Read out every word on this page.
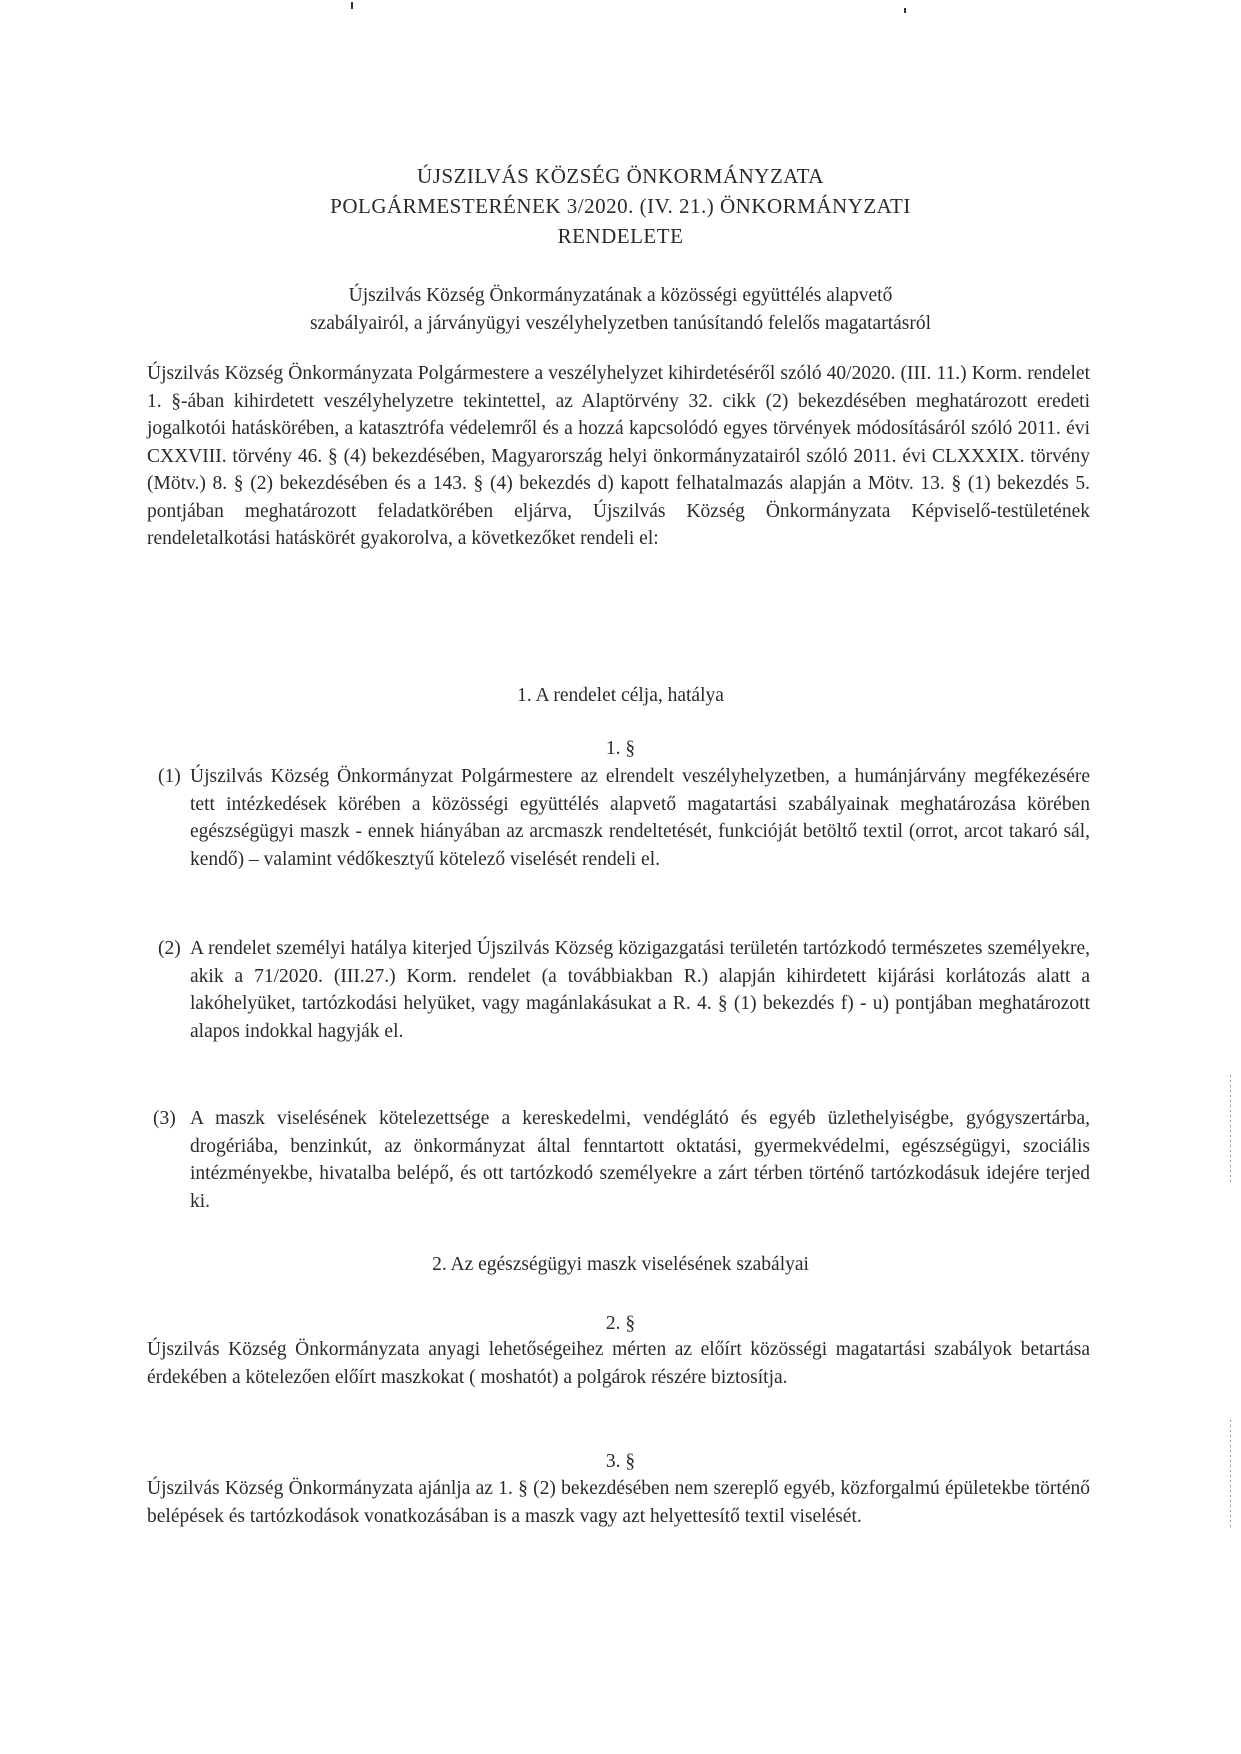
ÚJSZILVÁS KÖZSÉG ÖNKORMÁNYZATA
POLGÁRMESTERÉNEK 3/2020. (IV. 21.) ÖNKORMÁNYZATI
RENDELETE
Újszilvás Község Önkormányzatának a közösségi együttélés alapvető
szabályairól, a járványügyi veszélyhelyzetben tanúsítandó felelős magatartásról
Újszilvás Község Önkormányzata Polgármestere a veszélyhelyzet kihirdetéséről szóló 40/2020. (III. 11.) Korm. rendelet 1. §-ában kihirdetett veszélyhelyzetre tekintettel, az Alaptörvény 32. cikk (2) bekezdésében meghatározott eredeti jogalkotói hatáskörében, a katasztrófa védelemről és a hozzá kapcsolódó egyes törvények módosításáról szóló 2011. évi CXXVIII. törvény 46. § (4) bekezdésében, Magyarország helyi önkormányzatairól szóló 2011. évi CLXXXIX. törvény (Mötv.) 8. § (2) bekezdésében és a 143. § (4) bekezdés d) kapott felhatalmazás alapján a Mötv. 13. § (1) bekezdés 5. pontjában meghatározott feladatkörében eljárva, Újszilvás Község Önkormányzata Képviselő-testületének rendeletalkotási hatáskörét gyakorolva, a következőket rendeli el:
1. A rendelet célja, hatálya
1. §
(1) Újszilvás Község Önkormányzat Polgármestere az elrendelt veszélyhelyzetben, a humánjárvány megfékezésére tett intézkedések körében a közösségi együttélés alapvető magatartási szabályainak meghatározása körében egészségügyi maszk - ennek hiányában az arcmaszk rendeltetését, funkcióját betöltő textil (orrot, arcot takaró sál, kendő) – valamint védőkesztyű kötelező viselését rendeli el.
(2) A rendelet személyi hatálya kiterjed Újszilvás Község közigazgatási területén tartózkodó természetes személyekre, akik a 71/2020. (III.27.) Korm. rendelet (a továbbiakban R.) alapján kihirdetett kijárási korlátozás alatt a lakóhelyüket, tartózkodási helyüket, vagy magánlakásukat a R. 4. § (1) bekezdés f) - u) pontjában meghatározott alapos indokkal hagyják el.
(3) A maszk viselésének kötelezettsége a kereskedelmi, vendéglátó és egyéb üzlethelyiségbe, gyógyszertárba, drogériába, benzinkút, az önkormányzat által fenntartott oktatási, gyermekvédelmi, egészségügyi, szociális intézményekbe, hivatalba belépő, és ott tartózkodó személyekre a zárt térben történő tartózkodásuk idejére terjed ki.
2. Az egészségügyi maszk viselésének szabályai
2. §
Újszilvás Község Önkormányzata anyagi lehetőségeihez mérten az előírt közösségi magatartási szabályok betartása érdekében a kötelezően előírt maszkokat ( moshatót) a polgárok részére biztosítja.
3. §
Újszilvás Község Önkormányzata ajánlja az 1. § (2) bekezdésében nem szereplő egyéb, közforgalmú épületekbe történő belépések és tartózkodások vonatkozásában is a maszk vagy azt helyettesítő textil viselését.
